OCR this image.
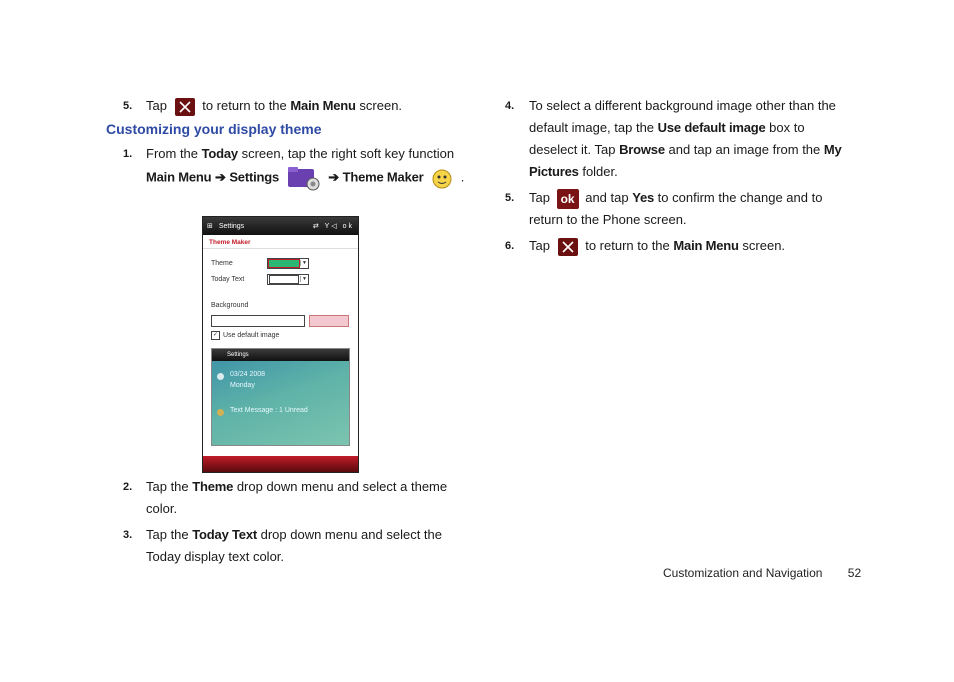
5. Tap	to return to the Main Menu screen.
Customizing your display theme
1. From the Today screen, tap the right soft key function Main Menu ➔ Settings	➔ Theme Maker	.
⊞ Settings	⇄ Y◁ ok
Theme Maker
Theme	▼
Today Text	▼
Background
✓ Use default image
Settings
03/24 2008
Monday
Text Message : 1 Unread
2. Tap the Theme drop down menu and select a theme color.
3. Tap the Today Text drop down menu and select the Today display text color.
4. To select a different background image other than the default image, tap the Use default image box to deselect it. Tap Browse and tap an image from the My Pictures folder.
5. Tap ok and tap Yes to confirm the change and to return to the Phone screen.
6. Tap	to return to the Main Menu screen.
Customization and Navigation 52
